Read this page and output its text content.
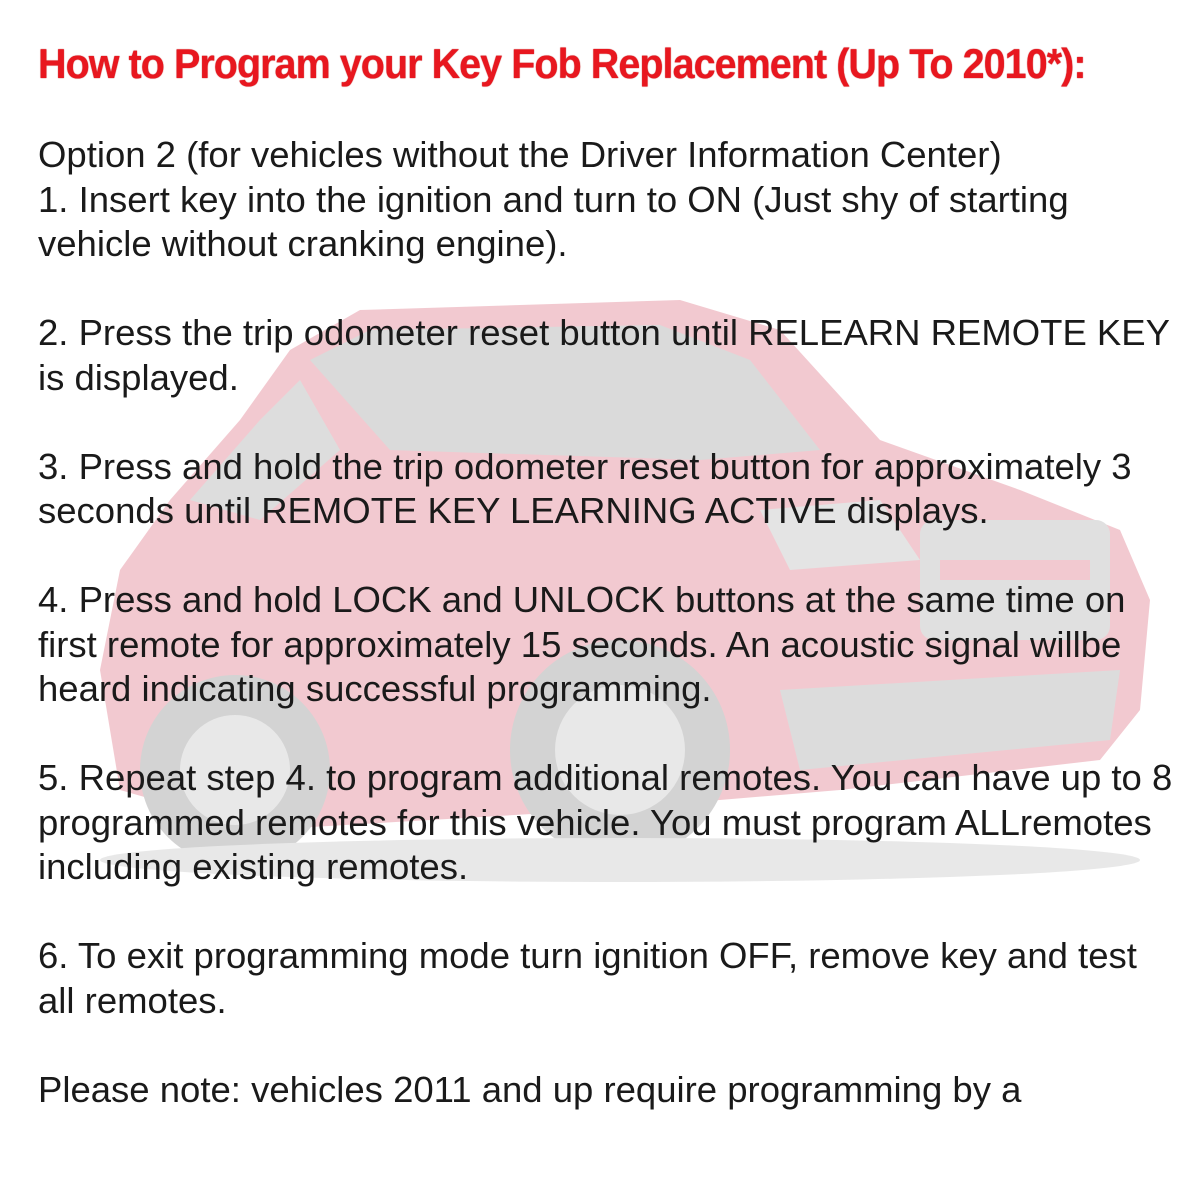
How to Program your Key Fob Replacement (Up To 2010*):

Option 2 (for vehicles without the Driver Information Center)

1. Insert key into the ignition and turn to ON (Just shy of starting vehicle without cranking engine).

2. Press the trip odometer reset button until RELEARN REMOTE KEY is displayed.

3. Press and hold the trip odometer reset button for approximately 3 seconds until REMOTE KEY LEARNING ACTIVE displays.

4. Press and hold LOCK and UNLOCK buttons at the same time on first remote for approximately 15 seconds. An acoustic signal willbe heard indicating successful programming.

5. Repeat step 4. to program additional remotes. You can have up to 8 programmed remotes for this vehicle. You must program ALLremotes including existing remotes.

6. To exit programming mode turn ignition OFF, remove key and test all remotes.

Please note: vehicles 2011 and up require programming by a
